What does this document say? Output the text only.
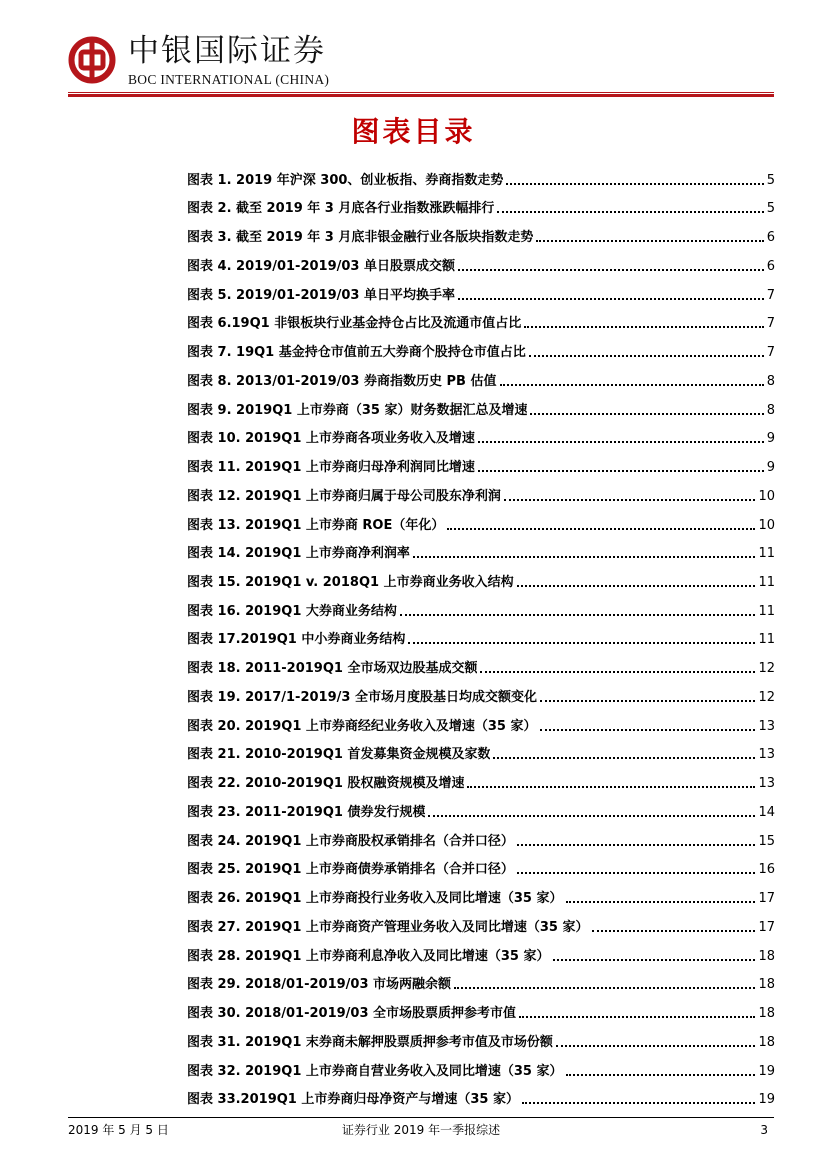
中银国际证券
BOC INTERNATIONAL (CHINA)
图表目录
图表 1. 2019 年沪深 300、创业板指、券商指数走势	5
图表 2. 截至 2019 年 3 月底各行业指数涨跌幅排行	5
图表 3. 截至 2019 年 3 月底非银金融行业各版块指数走势	6
图表 4. 2019/01-2019/03 单日股票成交额	6
图表 5. 2019/01-2019/03 单日平均换手率	7
图表 6.19Q1 非银板块行业基金持仓占比及流通市值占比	7
图表 7. 19Q1 基金持仓市值前五大券商个股持仓市值占比	7
图表 8. 2013/01-2019/03 券商指数历史 PB 估值	8
图表 9. 2019Q1 上市券商（35 家）财务数据汇总及增速	8
图表 10. 2019Q1 上市券商各项业务收入及增速	9
图表 11. 2019Q1 上市券商归母净利润同比增速	9
图表 12. 2019Q1 上市券商归属于母公司股东净利润	10
图表 13. 2019Q1 上市券商 ROE（年化）	10
图表 14. 2019Q1 上市券商净利润率	11
图表 15. 2019Q1 v. 2018Q1 上市券商业务收入结构	11
图表 16. 2019Q1 大券商业务结构	11
图表 17.2019Q1 中小券商业务结构	11
图表 18. 2011-2019Q1 全市场双边股基成交额	12
图表 19. 2017/1-2019/3 全市场月度股基日均成交额变化	12
图表 20. 2019Q1 上市券商经纪业务收入及增速（35 家）	13
图表 21. 2010-2019Q1 首发募集资金规模及家数	13
图表 22. 2010-2019Q1 股权融资规模及增速	13
图表 23. 2011-2019Q1 债券发行规模	14
图表 24. 2019Q1 上市券商股权承销排名（合并口径）	15
图表 25. 2019Q1 上市券商债券承销排名（合并口径）	16
图表 26. 2019Q1 上市券商投行业务收入及同比增速（35 家）	17
图表 27. 2019Q1 上市券商资产管理业务收入及同比增速（35 家）	17
图表 28. 2019Q1 上市券商利息净收入及同比增速（35 家）	18
图表 29. 2018/01-2019/03 市场两融余额	18
图表 30. 2018/01-2019/03 全市场股票质押参考市值	18
图表 31. 2019Q1 末券商未解押股票质押参考市值及市场份额	18
图表 32. 2019Q1 上市券商自营业务收入及同比增速（35 家）	19
图表 33.2019Q1 上市券商归母净资产与增速（35 家）	19
2019 年 5 月 5 日	证券行业 2019 年一季报综述	3
